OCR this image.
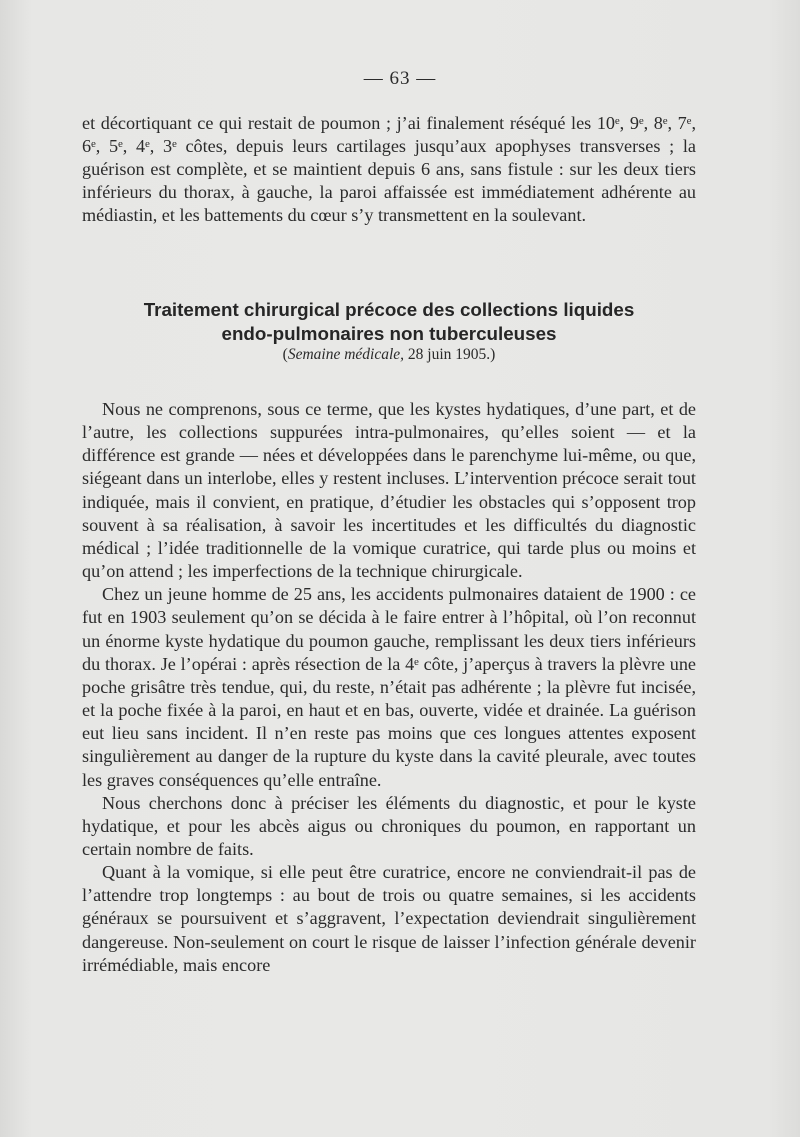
— 63 —

et décortiquant ce qui restait de poumon ; j’ai finalement réséqué les 10ᵉ, 9ᵉ, 8ᵉ, 7ᵉ, 6ᵉ, 5ᵉ, 4ᵉ, 3ᵉ côtes, depuis leurs cartilages jusqu’aux apophyses transverses ; la guérison est complète, et se maintient depuis 6 ans, sans fistule : sur les deux tiers inférieurs du thorax, à gauche, la paroi affaissée est immédiatement adhérente au médiastin, et les battements du cœur s’y transmettent en la soulevant.

Traitement chirurgical précoce des collections liquides
endo-pulmonaires non tuberculeuses
(Semaine médicale, 28 juin 1905.)

Nous ne comprenons, sous ce terme, que les kystes hydatiques, d’une part, et de l’autre, les collections suppurées intra-pulmonaires, qu’elles soient — et la différence est grande — nées et développées dans le parenchyme lui-même, ou que, siégeant dans un interlobe, elles y restent incluses. L’intervention précoce serait tout indiquée, mais il convient, en pratique, d’étudier les obstacles qui s’opposent trop souvent à sa réalisation, à savoir les incertitudes et les difficultés du diagnostic médical ; l’idée traditionnelle de la vomique curatrice, qui tarde plus ou moins et qu’on attend ; les imperfections de la technique chirurgicale.

Chez un jeune homme de 25 ans, les accidents pulmonaires dataient de 1900 : ce fut en 1903 seulement qu’on se décida à le faire entrer à l’hôpital, où l’on reconnut un énorme kyste hydatique du poumon gauche, remplissant les deux tiers inférieurs du thorax. Je l’opérai : après résection de la 4ᵉ côte, j’aperçus à travers la plèvre une poche grisâtre très tendue, qui, du reste, n’était pas adhérente ; la plèvre fut incisée, et la poche fixée à la paroi, en haut et en bas, ouverte, vidée et drainée. La guérison eut lieu sans incident. Il n’en reste pas moins que ces longues attentes exposent singulièrement au danger de la rupture du kyste dans la cavité pleurale, avec toutes les graves conséquences qu’elle entraîne.

Nous cherchons donc à préciser les éléments du diagnostic, et pour le kyste hydatique, et pour les abcès aigus ou chroniques du poumon, en rapportant un certain nombre de faits.

Quant à la vomique, si elle peut être curatrice, encore ne conviendrait-il pas de l’attendre trop longtemps : au bout de trois ou quatre semaines, si les accidents généraux se poursuivent et s’aggravent, l’expectation deviendrait singulièrement dangereuse. Non-seulement on court le risque de laisser l’infection générale devenir irrémédiable, mais encore
